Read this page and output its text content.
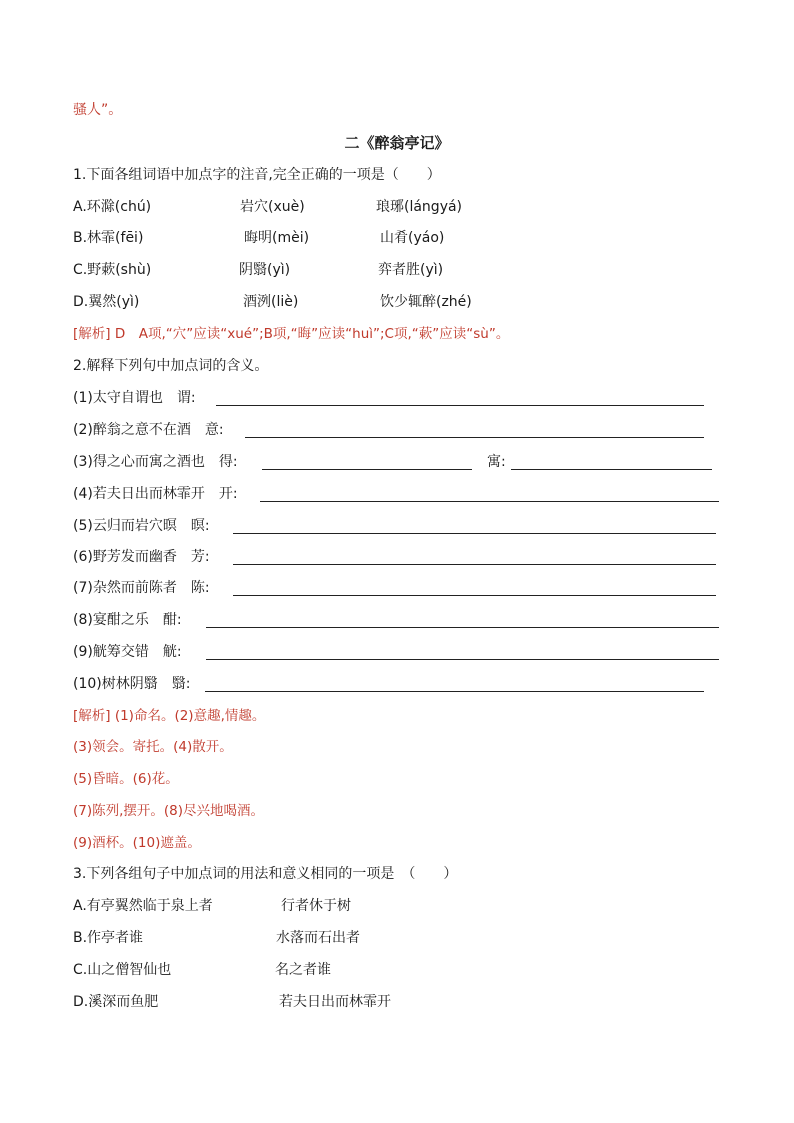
骚人”。

二《醉翁亭记》

1.下面各组词语中加点字的注音,完全正确的一项是（　　）

A.环滁(chú)	岩穴(xuè)	琅琊(lángyá)
B.林霏(fēi)	晦明(mèi)	山肴(yáo)
C.野蔌(shù)	阴翳(yì)	弈者胜(yì)
D.翼然(yì)	酒洌(liè)	饮少辄醉(zhé)

[解析] D　A项,“穴”应读“xué”;B项,“晦”应读“huì”;C项,“蔌”应读“sù”。

2.解释下列句中加点词的含义。

(1)太守自谓也　谓:
(2)醉翁之意不在酒　意:
(3)得之心而寓之酒也　得:	寓:
(4)若夫日出而林霏开　开:
(5)云归而岩穴暝　暝:
(6)野芳发而幽香　芳:
(7)杂然而前陈者　陈:
(8)宴酣之乐　酣:
(9)觥筹交错　觥:
(10)树林阴翳　翳:

[解析] (1)命名。(2)意趣,情趣。

(3)领会。寄托。(4)散开。

(5)昏暗。(6)花。

(7)陈列,摆开。(8)尽兴地喝酒。

(9)酒杯。(10)遮盖。

3.下列各组句子中加点词的用法和意义相同的一项是　（　　）

A.有亭翼然临于泉上者	行者休于树
B.作亭者谁	水落而石出者
C.山之僧智仙也	名之者谁
D.溪深而鱼肥	若夫日出而林霏开
